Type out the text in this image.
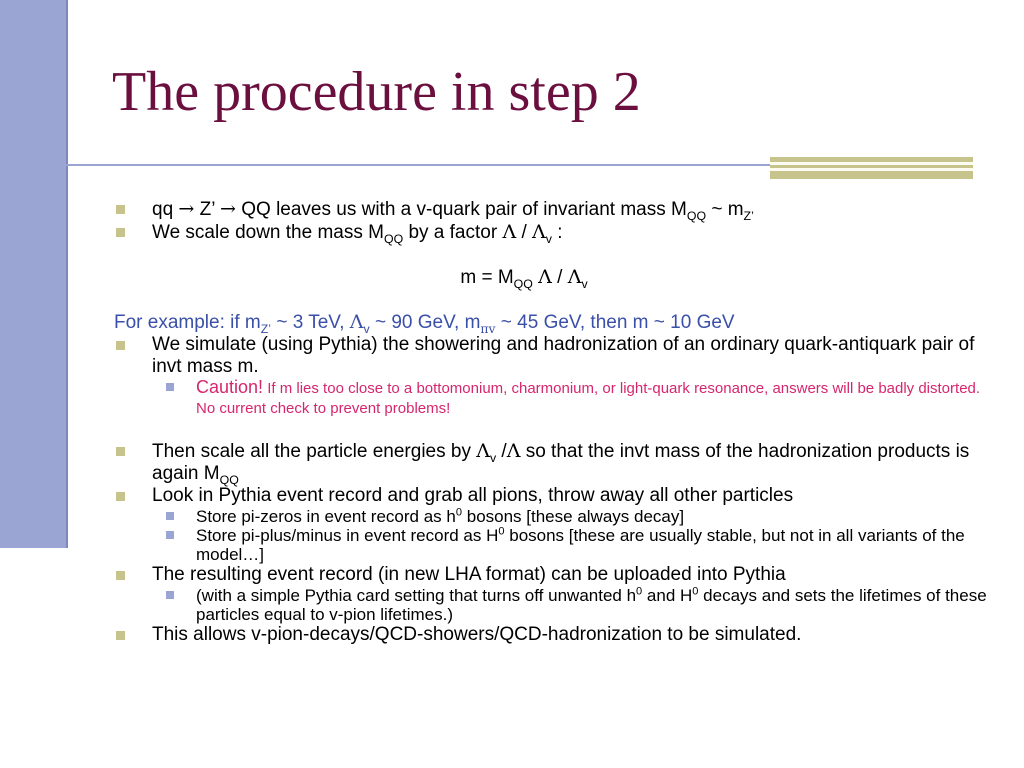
The procedure in step 2
qq → Z’ → QQ leaves us with a v-quark pair of invariant mass $M_{QQ}$ ~ $m_{Z’}$
We scale down the mass $M_{QQ}$ by a factor Λ / $\Lambda_v$ :
$m = M_{QQ}$ Λ / $\Lambda_v$
For example: if $m_{Z’}$ ~ 3 TeV, $\Lambda_v$ ~ 90 GeV, $m_{\pi v}$ ~ 45 GeV, then m ~ 10 GeV
We simulate (using Pythia) the showering and hadronization of an ordinary quark-antiquark pair of invt mass m.
Caution! If m lies too close to a bottomonium, charmonium, or light-quark resonance, answers will be badly distorted. No current check to prevent problems!
Then scale all the particle energies by $\Lambda_v$ /Λ so that the invt mass of the hadronization products is again $M_{QQ}$
Look in Pythia event record and grab all pions, throw away all other particles
Store pi-zeros in event record as $h^0$ bosons [these always decay]
Store pi-plus/minus in event record as $H^0$ bosons [these are usually stable, but not in all variants of the model…]
The resulting event record (in new LHA format) can be uploaded into Pythia
(with a simple Pythia card setting that turns off unwanted $h^0$ and $H^0$ decays and sets the lifetimes of these particles equal to v-pion lifetimes.)
This allows v-pion-decays/QCD-showers/QCD-hadronization to be simulated.
